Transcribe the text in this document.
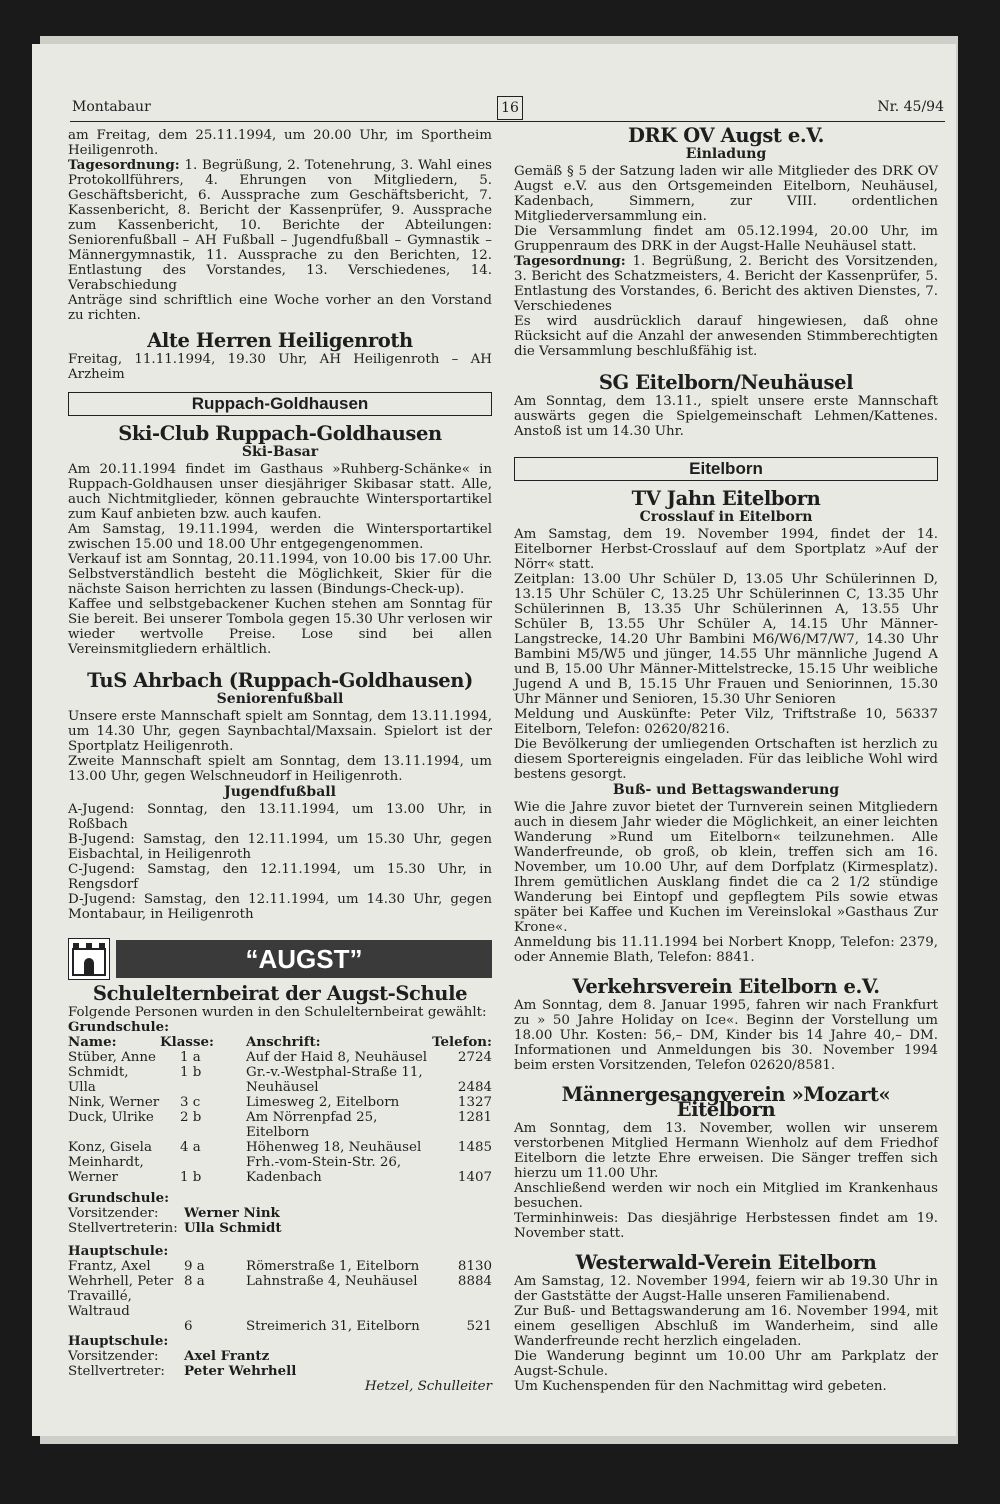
Montabaur	16	Nr. 45/94

am Freitag, dem 25.11.1994, um 20.00 Uhr, im Sportheim Heiligenroth.

Tagesordnung: 1. Begrüßung, 2. Totenehrung, 3. Wahl eines Protokollführers, 4. Ehrungen von Mitgliedern, 5. Geschäftsbericht, 6. Aussprache zum Geschäftsbericht, 7. Kassenbericht, 8. Bericht der Kassenprüfer, 9. Aussprache zum Kassenbericht, 10. Berichte der Abteilungen: Seniorenfußball – AH Fußball – Jugendfußball – Gymnastik – Männergymnastik, 11. Aussprache zu den Berichten, 12. Entlastung des Vorstandes, 13. Verschiedenes, 14. Verabschiedung

Anträge sind schriftlich eine Woche vorher an den Vorstand zu richten.

Alte Herren Heiligenroth

Freitag, 11.11.1994, 19.30 Uhr, AH Heiligenroth – AH Arzheim

Ruppach-Goldhausen
Ski-Club Ruppach-Goldhausen
Ski-Basar

Am 20.11.1994 findet im Gasthaus »Ruhberg-Schänke« in Ruppach-Goldhausen unser diesjähriger Skibasar statt. Alle, auch Nichtmitglieder, können gebrauchte Wintersportartikel zum Kauf anbieten bzw. auch kaufen.

Am Samstag, 19.11.1994, werden die Wintersportartikel zwischen 15.00 und 18.00 Uhr entgegengenommen.

Verkauf ist am Sonntag, 20.11.1994, von 10.00 bis 17.00 Uhr. Selbstverständlich besteht die Möglichkeit, Skier für die nächste Saison herrichten zu lassen (Bindungs-Check-up).

Kaffee und selbstgebackener Kuchen stehen am Sonntag für Sie bereit. Bei unserer Tombola gegen 15.30 Uhr verlosen wir wieder wertvolle Preise. Lose sind bei allen Vereinsmitgliedern erhältlich.

TuS Ahrbach (Ruppach-Goldhausen)
Seniorenfußball

Unsere erste Mannschaft spielt am Sonntag, dem 13.11.1994, um 14.30 Uhr, gegen Saynbachtal/Maxsain. Spielort ist der Sportplatz Heiligenroth.

Zweite Mannschaft spielt am Sonntag, dem 13.11.1994, um 13.00 Uhr, gegen Welschneudorf in Heiligenroth.

Jugendfußball

A-Jugend: Sonntag, den 13.11.1994, um 13.00 Uhr, in Roßbach

B-Jugend: Samstag, den 12.11.1994, um 15.30 Uhr, gegen Eisbachtal, in Heiligenroth

C-Jugend: Samstag, den 12.11.1994, um 15.30 Uhr, in Rengsdorf

D-Jugend: Samstag, den 12.11.1994, um 14.30 Uhr, gegen Montabaur, in Heiligenroth

“AUGST”
Schulelternbeirat der Augst-Schule

Folgende Personen wurden in den Schulelternbeirat gewählt:

Grundschule:

Name:	Klasse:	Anschrift:	Telefon:
Stüber, Anne	1 a	Auf der Haid 8, Neuhäusel	2724
Schmidt, Ulla	1 b	Gr.-v.-Westphal-Straße 11, Neuhäusel	2484
Nink, Werner	3 c	Limesweg 2, Eitelborn	1327
Duck, Ulrike	2 b	Am Nörrenpfad 25, Eitelborn	1281
Konz, Gisela	4 a	Höhenweg 18, Neuhäusel	1485
Meinhardt, Werner	1 b	Frh.-vom-Stein-Str. 26, Kadenbach	1407

Grundschule:

Vorsitzender:	Werner Nink
Stellvertreterin:	Ulla Schmidt

Hauptschule:

Frantz, Axel	9 a	Römerstraße 1, Eitelborn	8130
Wehrhell, Peter Travaillé, Waltraud	8 a	Lahnstraße 4, Neuhäusel	8884
	6	Streimerich 31, Eitelborn	521

Hauptschule:

Vorsitzender:	Axel Frantz
Stellvertreter:	Peter Wehrhell

Hetzel, Schulleiter

DRK OV Augst e.V.
Einladung

Gemäß § 5 der Satzung laden wir alle Mitglieder des DRK OV Augst e.V. aus den Ortsgemeinden Eitelborn, Neuhäusel, Kadenbach, Simmern, zur VIII. ordentlichen Mitgliederversammlung ein.

Die Versammlung findet am 05.12.1994, 20.00 Uhr, im Gruppenraum des DRK in der Augst-Halle Neuhäusel statt.

Tagesordnung: 1. Begrüßung, 2. Bericht des Vorsitzenden, 3. Bericht des Schatzmeisters, 4. Bericht der Kassenprüfer, 5. Entlastung des Vorstandes, 6. Bericht des aktiven Dienstes, 7. Verschiedenes

Es wird ausdrücklich darauf hingewiesen, daß ohne Rücksicht auf die Anzahl der anwesenden Stimmberechtigten die Versammlung beschlußfähig ist.

SG Eitelborn/Neuhäusel

Am Sonntag, dem 13.11., spielt unsere erste Mannschaft auswärts gegen die Spielgemeinschaft Lehmen/Kattenes. Anstoß ist um 14.30 Uhr.

Eitelborn
TV Jahn Eitelborn
Crosslauf in Eitelborn

Am Samstag, dem 19. November 1994, findet der 14. Eitelborner Herbst-Crosslauf auf dem Sportplatz »Auf der Nörr« statt.

Zeitplan: 13.00 Uhr Schüler D, 13.05 Uhr Schülerinnen D, 13.15 Uhr Schüler C, 13.25 Uhr Schülerinnen C, 13.35 Uhr Schülerinnen B, 13.35 Uhr Schülerinnen A, 13.55 Uhr Schüler B, 13.55 Uhr Schüler A, 14.15 Uhr Männer-Langstrecke, 14.20 Uhr Bambini M6/W6/M7/W7, 14.30 Uhr Bambini M5/W5 und jünger, 14.55 Uhr männliche Jugend A und B, 15.00 Uhr Männer-Mittelstrecke, 15.15 Uhr weibliche Jugend A und B, 15.15 Uhr Frauen und Seniorinnen, 15.30 Uhr Männer und Senioren, 15.30 Uhr Senioren

Meldung und Auskünfte: Peter Vilz, Triftstraße 10, 56337 Eitelborn, Telefon: 02620/8216.

Die Bevölkerung der umliegenden Ortschaften ist herzlich zu diesem Sportereignis eingeladen. Für das leibliche Wohl wird bestens gesorgt.

Buß- und Bettagswanderung

Wie die Jahre zuvor bietet der Turnverein seinen Mitgliedern auch in diesem Jahr wieder die Möglichkeit, an einer leichten Wanderung »Rund um Eitelborn« teilzunehmen. Alle Wanderfreunde, ob groß, ob klein, treffen sich am 16. November, um 10.00 Uhr, auf dem Dorfplatz (Kirmesplatz). Ihrem gemütlichen Ausklang findet die ca 2 1/2 stündige Wanderung bei Eintopf und gepflegtem Pils sowie etwas später bei Kaffee und Kuchen im Vereinslokal »Gasthaus Zur Krone«.

Anmeldung bis 11.11.1994 bei Norbert Knopp, Telefon: 2379, oder Annemie Blath, Telefon: 8841.

Verkehrsverein Eitelborn e.V.

Am Sonntag, dem 8. Januar 1995, fahren wir nach Frankfurt zu » 50 Jahre Holiday on Ice«. Beginn der Vorstellung um 18.00 Uhr. Kosten: 56,– DM, Kinder bis 14 Jahre 40,– DM. Informationen und Anmeldungen bis 30. November 1994 beim ersten Vorsitzenden, Telefon 02620/8581.

Männergesangverein »Mozart« Eitelborn

Am Sonntag, dem 13. November, wollen wir unserem verstorbenen Mitglied Hermann Wienholz auf dem Friedhof Eitelborn die letzte Ehre erweisen. Die Sänger treffen sich hierzu um 11.00 Uhr.

Anschließend werden wir noch ein Mitglied im Krankenhaus besuchen.

Terminhinweis: Das diesjährige Herbstessen findet am 19. November statt.

Westerwald-Verein Eitelborn

Am Samstag, 12. November 1994, feiern wir ab 19.30 Uhr in der Gaststätte der Augst-Halle unseren Familienabend.

Zur Buß- und Bettagswanderung am 16. November 1994, mit einem geselligen Abschluß im Wanderheim, sind alle Wanderfreunde recht herzlich eingeladen.

Die Wanderung beginnt um 10.00 Uhr am Parkplatz der Augst-Schule.

Um Kuchenspenden für den Nachmittag wird gebeten.
